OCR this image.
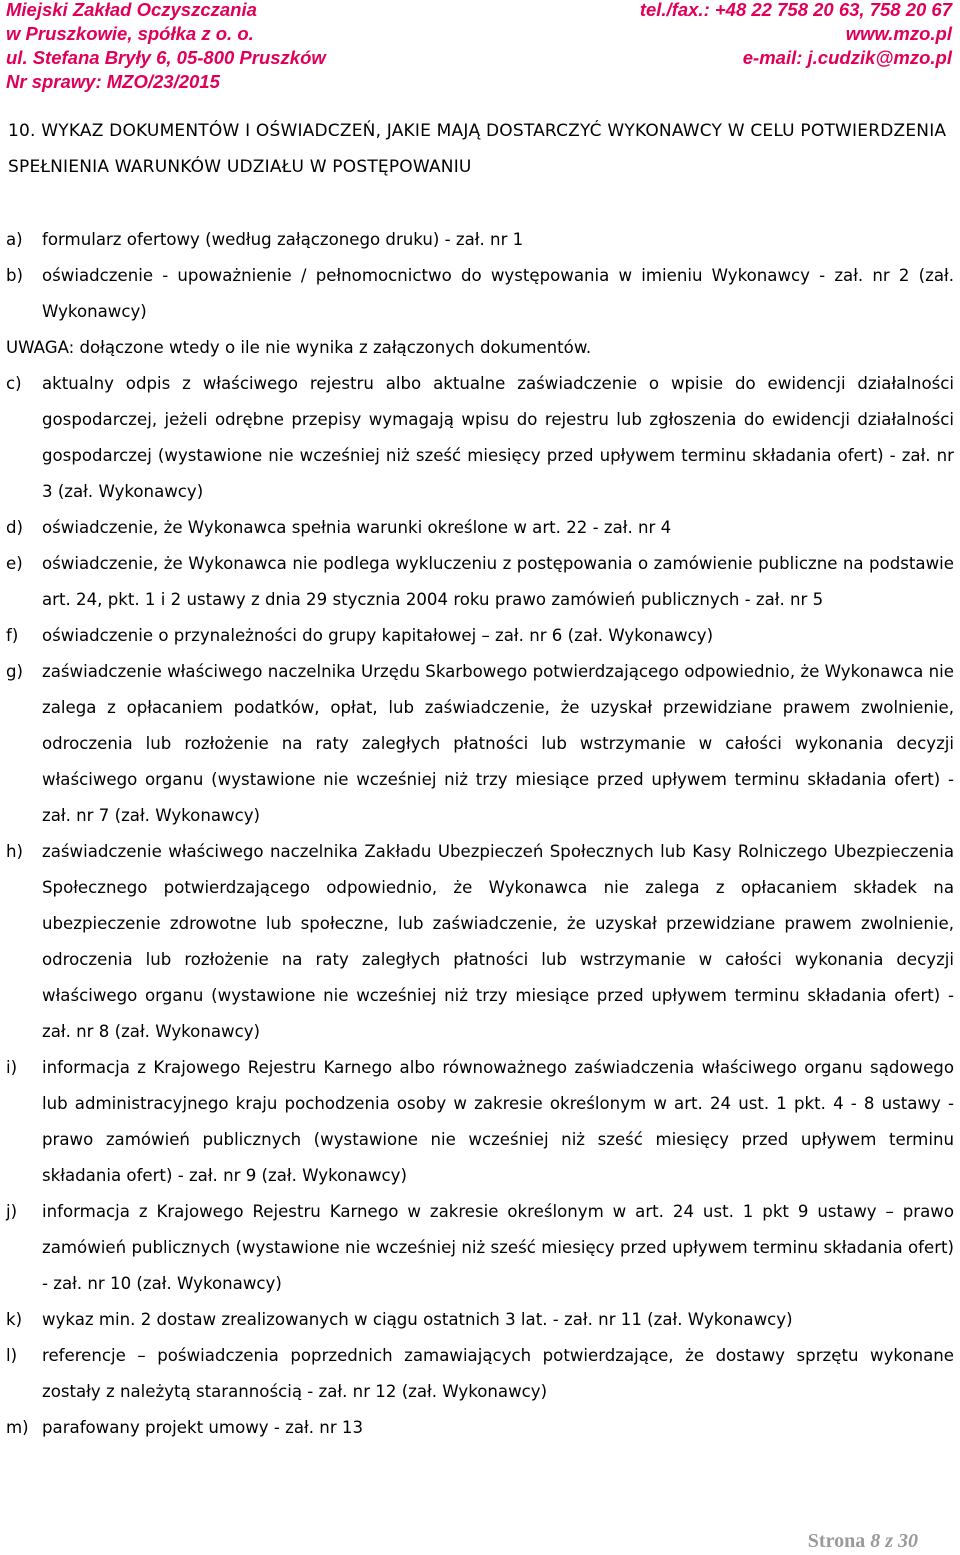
Miejski Zakład Oczyszczania	tel./fax.: +48 22 758 20 63, 758 20 67
w Pruszkowie, spółka z o. o.	www.mzo.pl
ul. Stefana Bryły 6, 05-800 Pruszków	e-mail: j.cudzik@mzo.pl
Nr sprawy: MZO/23/2015
10. WYKAZ DOKUMENTÓW I OŚWIADCZEŃ, JAKIE MAJĄ DOSTARCZYĆ WYKONAWCY W CELU POTWIERDZENIA SPEŁNIENIA WARUNKÓW UDZIAŁU W POSTĘPOWANIU
a)	formularz ofertowy (według załączonego druku) - zał. nr 1
b)	oświadczenie - upoważnienie / pełnomocnictwo do występowania w imieniu Wykonawcy - zał. nr 2 (zał. Wykonawcy)

UWAGA: dołączone wtedy o ile nie wynika z załączonych dokumentów.

c)	aktualny odpis z właściwego rejestru albo aktualne zaświadczenie o wpisie do ewidencji działalności gospodarczej, jeżeli odrębne przepisy wymagają wpisu do rejestru lub zgłoszenia do ewidencji działalności gospodarczej (wystawione nie wcześniej niż sześć miesięcy przed upływem terminu składania ofert) - zał. nr 3 (zał. Wykonawcy)
d)	oświadczenie, że Wykonawca spełnia warunki określone w art. 22 - zał. nr 4
e)	oświadczenie, że Wykonawca nie podlega wykluczeniu z postępowania o zamówienie publiczne na podstawie art. 24, pkt. 1 i 2 ustawy z dnia 29 stycznia 2004 roku prawo zamówień publicznych - zał. nr 5
f)	oświadczenie o przynależności do grupy kapitałowej – zał. nr 6 (zał. Wykonawcy)
g)	zaświadczenie właściwego naczelnika Urzędu Skarbowego potwierdzającego odpowiednio, że Wykonawca nie zalega z opłacaniem podatków, opłat, lub zaświadczenie, że uzyskał przewidziane prawem zwolnienie, odroczenia lub rozłożenie na raty zaległych płatności lub wstrzymanie w całości wykonania decyzji właściwego organu (wystawione nie wcześniej niż trzy miesiące przed upływem terminu składania ofert) - zał. nr 7 (zał. Wykonawcy)
h)	zaświadczenie właściwego naczelnika Zakładu Ubezpieczeń Społecznych lub Kasy Rolniczego Ubezpieczenia Społecznego potwierdzającego odpowiednio, że Wykonawca nie zalega z opłacaniem składek na ubezpieczenie zdrowotne lub społeczne, lub zaświadczenie, że uzyskał przewidziane prawem zwolnienie, odroczenia lub rozłożenie na raty zaległych płatności lub wstrzymanie w całości wykonania decyzji właściwego organu (wystawione nie wcześniej niż trzy miesiące przed upływem terminu składania ofert) - zał. nr 8 (zał. Wykonawcy)
i)	informacja z Krajowego Rejestru Karnego albo równoważnego zaświadczenia właściwego organu sądowego lub administracyjnego kraju pochodzenia osoby w zakresie określonym w art. 24 ust. 1 pkt. 4 - 8 ustawy - prawo zamówień publicznych (wystawione nie wcześniej niż sześć miesięcy przed upływem terminu składania ofert) - zał. nr 9 (zał. Wykonawcy)
j)	informacja z Krajowego Rejestru Karnego w zakresie określonym w art. 24 ust. 1 pkt 9 ustawy – prawo zamówień publicznych (wystawione nie wcześniej niż sześć miesięcy przed upływem terminu składania ofert) - zał. nr 10 (zał. Wykonawcy)
k)	wykaz min. 2 dostaw zrealizowanych w ciągu ostatnich 3 lat. - zał. nr 11 (zał. Wykonawcy)
l)	referencje – poświadczenia poprzednich zamawiających potwierdzające, że dostawy sprzętu wykonane zostały z należytą starannością - zał. nr 12 (zał. Wykonawcy)
m) parafowany projekt umowy - zał. nr 13
Strona 8 z 30
